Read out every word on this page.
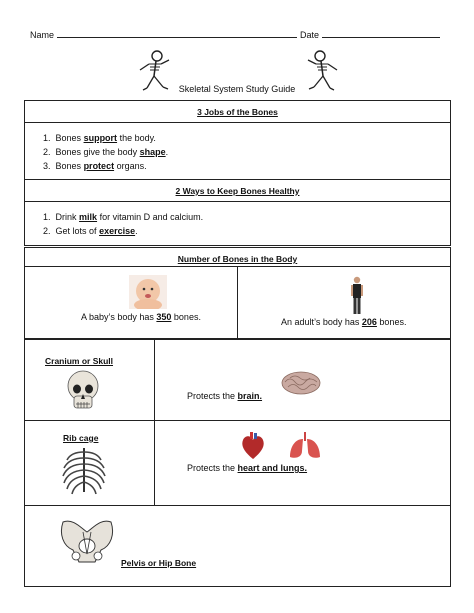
Name	Date
Skeletal System Study Guide
3 Jobs of the Bones
1. Bones support the body.
2. Bones give the body shape.
3. Bones protect organs.
2 Ways to Keep Bones Healthy
1. Drink milk for vitamin D and calcium.
2. Get lots of exercise.
Number of Bones in the Body
A baby’s body has 350 bones.	An adult’s body has 206 bones.
Cranium or Skull
Protects the brain.
Rib cage
Protects the heart and lungs.
Pelvis or Hip Bone
